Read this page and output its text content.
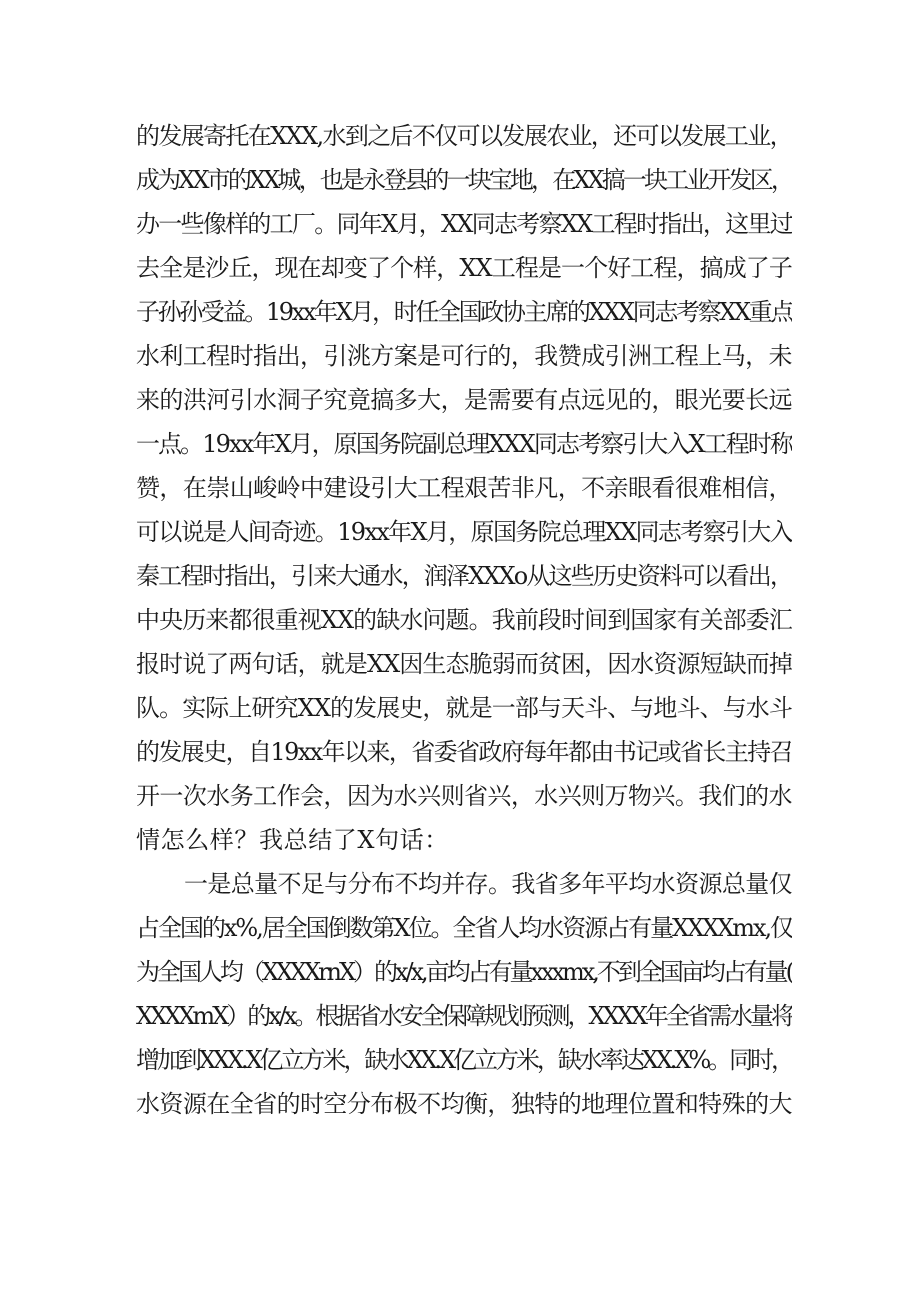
的发展寄托在XXX,水到之后不仅可以发展农业，还可以发展工业，
成为XX市的XX城，也是永登县的一块宝地，在XX搞一块工业开发区，
办一些像样的工厂。同年X月，XX同志考察XX工程时指出，这里过
去全是沙丘，现在却变了个样，XX工程是一个好工程，搞成了子
子孙孙受益。19xx年X月，时任全国政协主席的XXX同志考察XX重点
水利工程时指出，引洮方案是可行的，我赞成引洲工程上马，未
来的洪河引水洞子究竟搞多大，是需要有点远见的，眼光要长远
一点。19xx年X月，原国务院副总理XXX同志考察引大入X工程时称
赞，在崇山峻岭中建设引大工程艰苦非凡，不亲眼看很难相信，
可以说是人间奇迹。19xx年X月，原国务院总理XX同志考察引大入
秦工程时指出，引来大通水，润泽XXXo从这些历史资料可以看出，
中央历来都很重视XX的缺水问题。我前段时间到国家有关部委汇
报时说了两句话，就是XX因生态脆弱而贫困，因水资源短缺而掉
队。实际上研究XX的发展史，就是一部与天斗、与地斗、与水斗
的发展史，自19xx年以来，省委省政府每年都由书记或省长主持召
开一次水务工作会，因为水兴则省兴，水兴则万物兴。我们的水
情怎么样？我总结了X句话：
一是总量不足与分布不均并存。我省多年平均水资源总量仅
占全国的x%,居全国倒数第X位。全省人均水资源占有量XXXXmx,仅
为全国人均（XXXXrnX）的x/x,亩均占有量xxxmx,不到全国亩均占有量(
XXXXmX）的x/x。根据省水安全保障规划预测，XXXX年全省需水量将
增加到XXX.X亿立方米，缺水XX.X亿立方米，缺水率达XX.X%。同时，
水资源在全省的时空分布极不均衡，独特的地理位置和特殊的大
